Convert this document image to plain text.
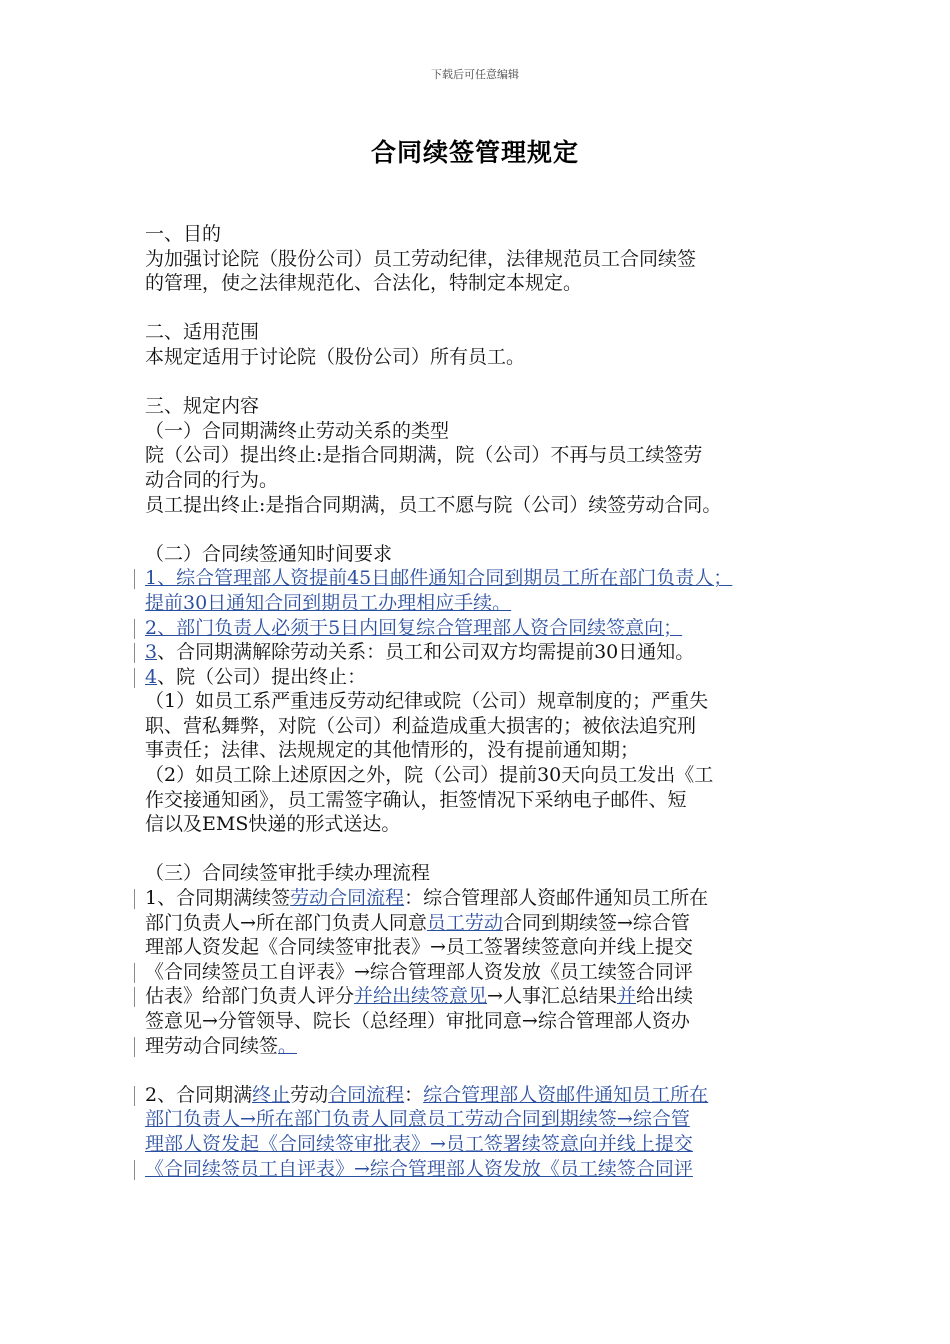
下载后可任意编辑
合同续签管理规定
一、目的
为加强讨论院（股份公司）员工劳动纪律，法律规范员工合同续签
的管理，使之法律规范化、合法化，特制定本规定。
二、适用范围
本规定适用于讨论院（股份公司）所有员工。
三、规定内容
（一）合同期满终止劳动关系的类型
院（公司）提出终止:是指合同期满，院（公司）不再与员工续签劳
动合同的行为。
员工提出终止:是指合同期满，员工不愿与院（公司）续签劳动合同。
（二）合同续签通知时间要求
1、综合管理部人资提前45日邮件通知合同到期员工所在部门负责人；
提前30日通知合同到期员工办理相应手续。
2、部门负责人必须于5日内回复综合管理部人资合同续签意向；
3、合同期满解除劳动关系：员工和公司双方均需提前30日通知。
4、院（公司）提出终止：
（1）如员工系严重违反劳动纪律或院（公司）规章制度的；严重失
职、营私舞弊，对院（公司）利益造成重大损害的；被依法追究刑
事责任；法律、法规规定的其他情形的，没有提前通知期；
（2）如员工除上述原因之外，院（公司）提前30天向员工发出《工
作交接通知函》，员工需签字确认，拒签情况下采纳电子邮件、短
信以及EMS快递的形式送达。
（三）合同续签审批手续办理流程
1、合同期满续签劳动合同流程：综合管理部人资邮件通知员工所在
部门负责人→所在部门负责人同意员工劳动合同到期续签→综合管
理部人资发起《合同续签审批表》→员工签署续签意向并线上提交
《合同续签员工自评表》→综合管理部人资发放《员工续签合同评
估表》给部门负责人评分并给出续签意见→人事汇总结果并给出续
签意见→分管领导、院长（总经理）审批同意→综合管理部人资办
理劳动合同续签。
2、合同期满终止劳动合同流程：综合管理部人资邮件通知员工所在
部门负责人→所在部门负责人同意员工劳动合同到期续签→综合管
理部人资发起《合同续签审批表》→员工签署续签意向并线上提交
《合同续签员工自评表》→综合管理部人资发放《员工续签合同评
